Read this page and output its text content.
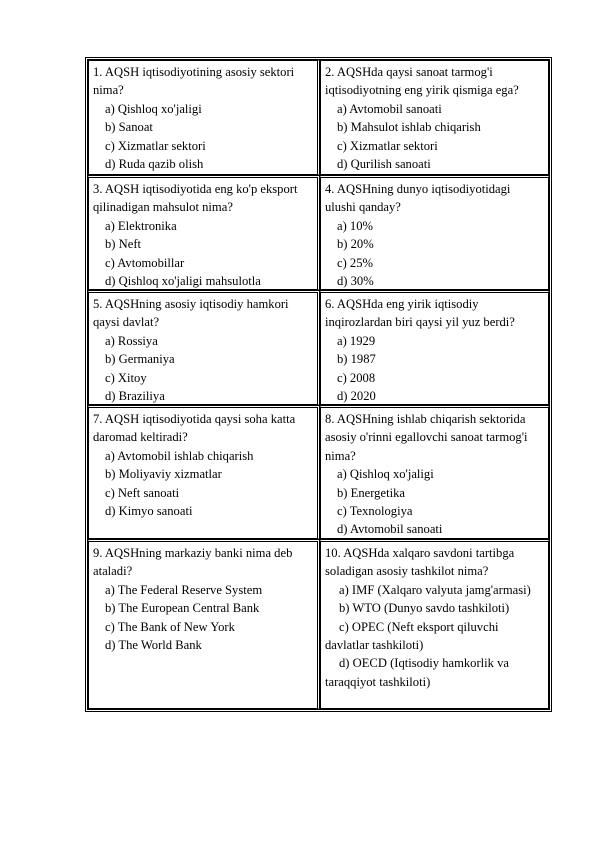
1. AQSH iqtisodiyotining asosiy sektori nima?
a) Qishloq xo'jaligi
b) Sanoat
c) Xizmatlar sektori
d) Ruda qazib olish
2. AQSHda qaysi sanoat tarmog'i iqtisodiyotning eng yirik qismiga ega?
a) Avtomobil sanoati
b) Mahsulot ishlab chiqarish
c) Xizmatlar sektori
d) Qurilish sanoati
3. AQSH iqtisodiyotida eng ko'p eksport qilinadigan mahsulot nima?
a) Elektronika
b) Neft
c) Avtomobillar
d) Qishloq xo'jaligi mahsulotla
4. AQSHning dunyo iqtisodiyotidagi ulushi qanday?
a) 10%
b) 20%
c) 25%
d) 30%
5. AQSHning asosiy iqtisodiy hamkori qaysi davlat?
a) Rossiya
b) Germaniya
c) Xitoy
d) Braziliya
6. AQSHda eng yirik iqtisodiy inqirozlardan biri qaysi yil yuz berdi?
a) 1929
b) 1987
c) 2008
d) 2020
7. AQSH iqtisodiyotida qaysi soha katta daromad keltiradi?
a) Avtomobil ishlab chiqarish
b) Moliyaviy xizmatlar
c) Neft sanoati
d) Kimyo sanoati
8. AQSHning ishlab chiqarish sektorida asosiy o'rinni egallovchi sanoat tarmog'i nima?
a) Qishloq xo'jaligi
b) Energetika
c) Texnologiya
d) Avtomobil sanoati
9. AQSHning markaziy banki nima deb ataladi?
a) The Federal Reserve System
b) The European Central Bank
c) The Bank of New York
d) The World Bank
10. AQSHda xalqaro savdoni tartibga soladigan asosiy tashkilot nima?
a) IMF (Xalqaro valyuta jamg'armasi)
b) WTO (Dunyo savdo tashkiloti)
c) OPEC (Neft eksport qiluvchi davlatlar tashkiloti)
d) OECD (Iqtisodiy hamkorlik va taraqqiyot tashkiloti)
